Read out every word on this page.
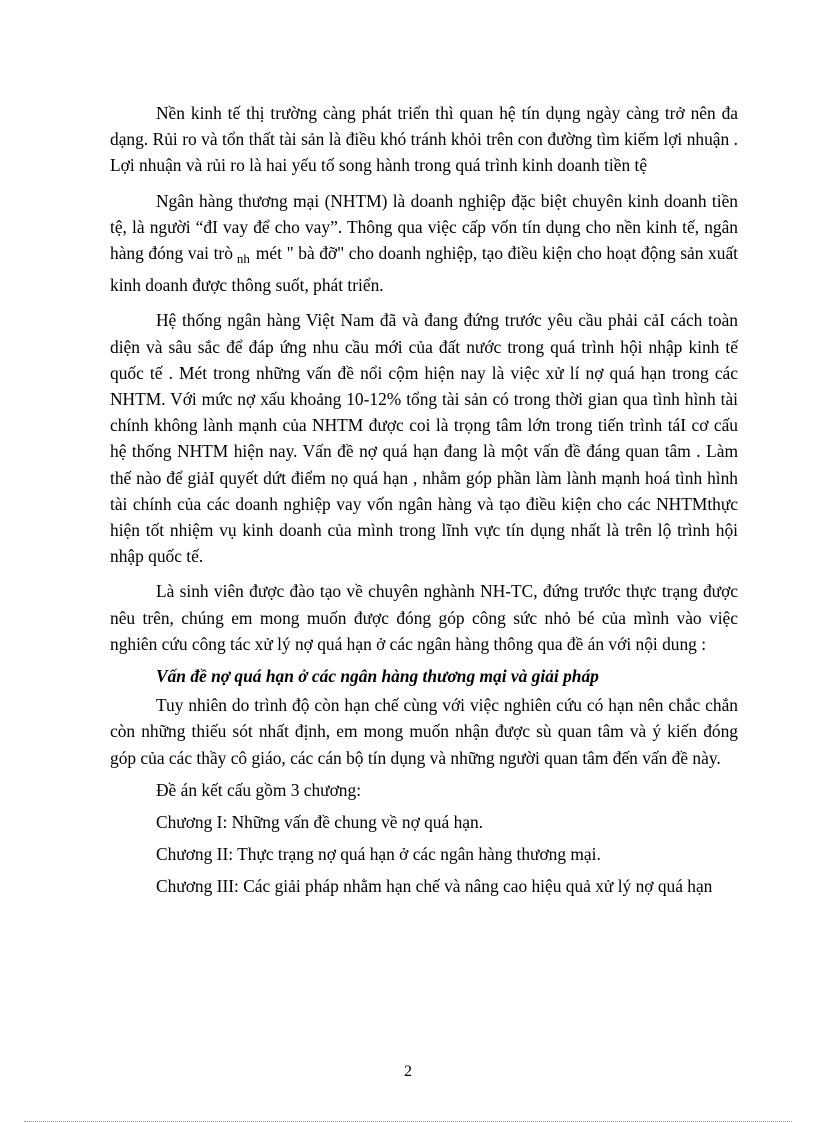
Nền kinh tế thị trường càng phát triển thì quan hệ tín dụng ngày càng trở nên đa dạng. Rủi ro và tổn thất tài sản là điều khó tránh khỏi trên con đường tìm kiếm lợi nhuận . Lợi nhuận và rủi ro là hai yếu tố song hành trong quá trình kinh doanh tiền tệ

Ngân hàng thương mại (NHTM) là doanh nghiệp đặc biệt chuyên kinh doanh tiền tệ, là người “đI vay để cho vay”. Thông qua việc cấp vốn tín dụng cho nền kinh tế, ngân hàng đóng vai trò $_{nh}$ mét " bà đỡ" cho doanh nghiệp, tạo điều kiện cho hoạt động sản xuất kinh doanh được thông suốt, phát triển.

Hệ thống ngân hàng Việt Nam đã và đang đứng trước yêu cầu phải cảI cách toàn diện và sâu sắc để đáp ứng nhu cầu mới của đất nước trong quá trình hội nhập kinh tế quốc tế . Mét trong những vấn đề nổi cộm hiện nay là việc xử lí nợ quá hạn trong các NHTM. Với mức nợ xấu khoảng 10-12% tổng tài sản có trong thời gian qua tình hình tài chính không lành mạnh của NHTM được coi là trọng tâm lớn trong tiến trình táI cơ cấu hệ thống NHTM hiện nay. Vấn đề nợ quá hạn đang là một vấn đề đáng quan tâm . Làm thế nào để giảI quyết dứt điểm nọ quá hạn , nhằm góp phần làm lành mạnh hoá tình hình tài chính của các doanh nghiệp vay vốn ngân hàng và tạo điều kiện cho các NHTMthực hiện tốt nhiệm vụ kinh doanh của mình trong lĩnh vực tín dụng nhất là trên lộ trình hội nhập quốc tế.

Là sinh viên được đào tạo về chuyên nghành NH-TC, đứng trước thực trạng được nêu trên, chúng em mong muốn được đóng góp công sức nhỏ bé của mình vào việc nghiên cứu công tác xử lý nợ quá hạn ở các ngân hàng thông qua đề án với nội dung :

Vấn đề nợ quá hạn ở các ngân hàng thương mại và giải pháp

Tuy nhiên do trình độ còn hạn chế cùng với việc nghiên cứu có hạn nên chắc chắn còn những thiếu sót nhất định, em mong muốn nhận được sù quan tâm và ý kiến đóng góp của các thầy cô giáo, các cán bộ tín dụng và những người quan tâm đến vấn đề này.

Đề án kết cấu gồm 3 chương:

Chương I: Những vấn đề chung về nợ quá hạn.

Chương II: Thực trạng nợ quá hạn ở các ngân hàng thương mại.

Chương III: Các giải pháp nhằm hạn chế và nâng cao hiệu quả xử lý nợ quá hạn

2
